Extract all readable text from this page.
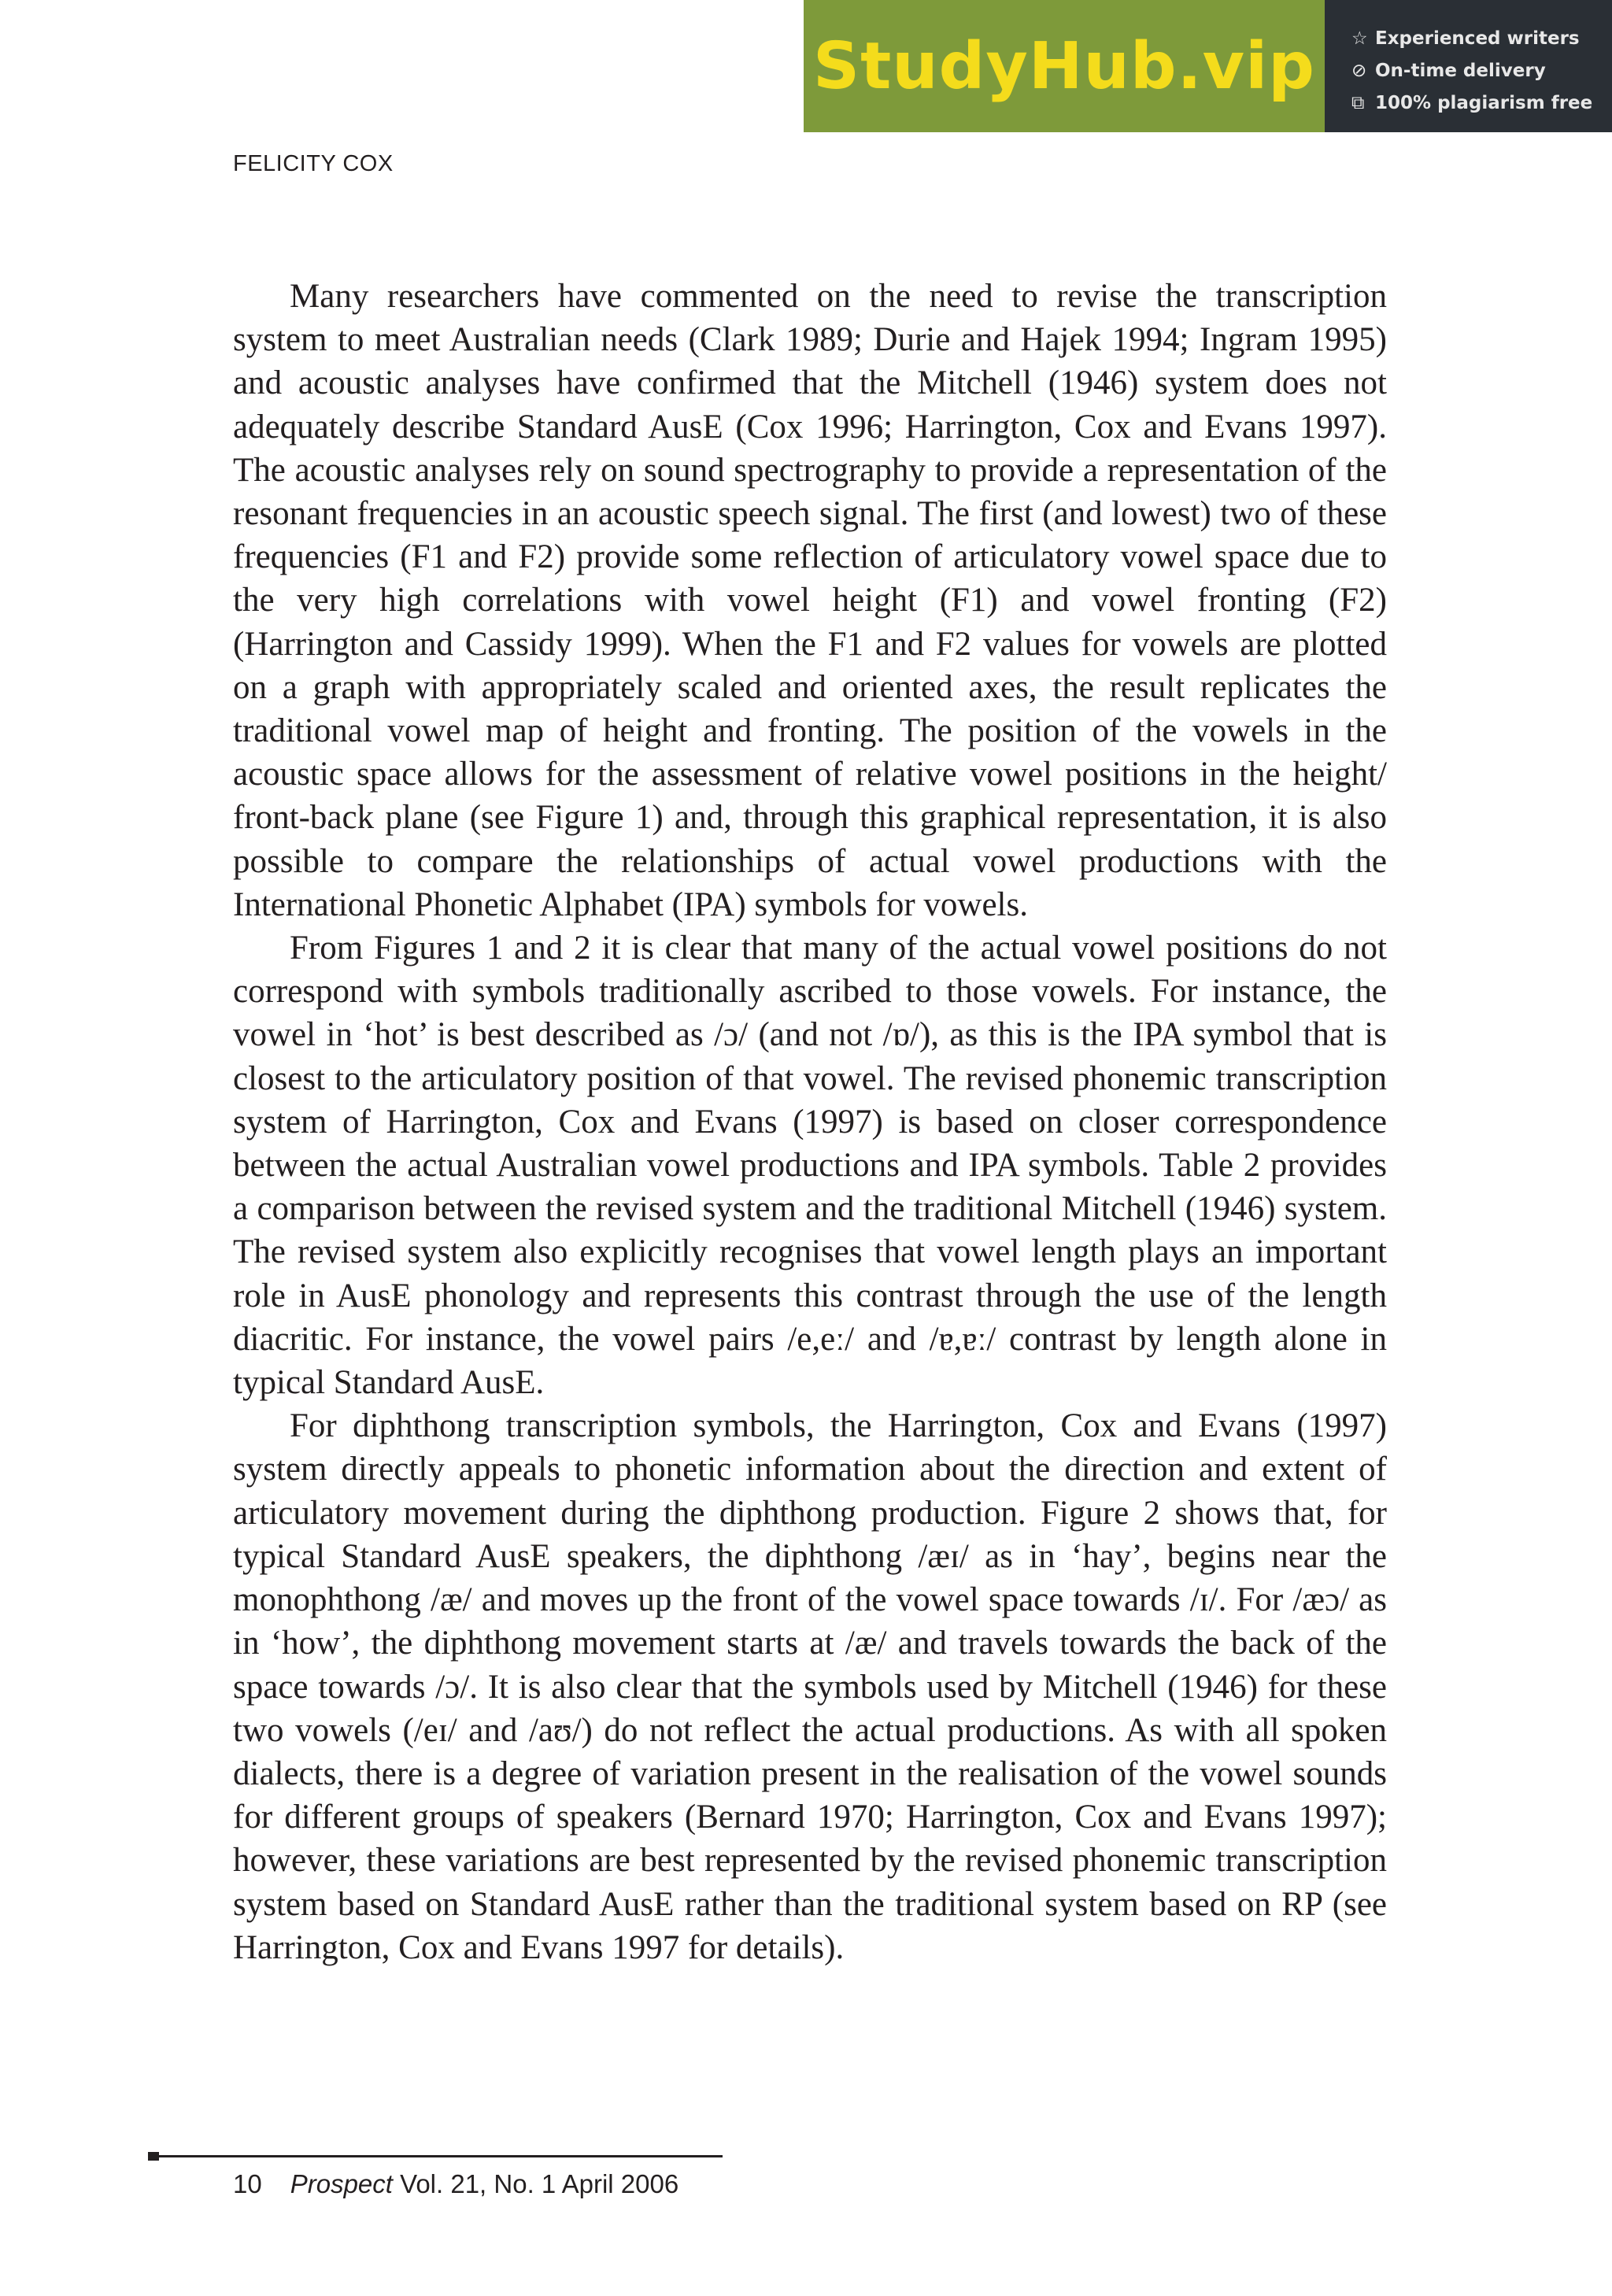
StudyHub.vip ☆ Experienced writers
⊘ On-time delivery
⧉ 100% plagiarism free
FELICITY COX

Many researchers have commented on the need to revise the transcription system to meet Australian needs (Clark 1989; Durie and Hajek 1994; Ingram 1995) and acoustic analyses have confirmed that the Mitchell (1946) system does not adequately describe Standard AusE (Cox 1996; Harrington, Cox and Evans 1997). The acoustic analyses rely on sound spectrography to provide a representation of the resonant frequencies in an acoustic speech signal. The first (and lowest) two of these frequencies (F1 and F2) provide some reflection of articulatory vowel space due to the very high correlations with vowel height (F1) and vowel fronting (F2) (Harrington and Cassidy 1999). When the F1 and F2 values for vowels are plotted on a graph with appropriately scaled and oriented axes, the result replicates the traditional vowel map of height and fronting. The position of the vowels in the acoustic space allows for the assessment of relative vowel positions in the height/ front-back plane (see Figure 1) and, through this graphical representation, it is also possible to compare the relationships of actual vowel productions with the International Phonetic Alphabet (IPA) symbols for vowels.

From Figures 1 and 2 it is clear that many of the actual vowel positions do not correspond with symbols traditionally ascribed to those vowels. For instance, the vowel in ‘hot’ is best described as /ɔ/ (and not /ɒ/), as this is the IPA symbol that is closest to the articulatory position of that vowel. The revised phonemic transcription system of Harrington, Cox and Evans (1997) is based on closer correspondence between the actual Australian vowel productions and IPA symbols. Table 2 provides a comparison between the revised system and the traditional Mitchell (1946) system. The revised system also explicitly recognises that vowel length plays an important role in AusE phonology and represents this contrast through the use of the length diacritic. For instance, the vowel pairs /e,eː/ and /ɐ,ɐː/ contrast by length alone in typical Standard AusE.

For diphthong transcription symbols, the Harrington, Cox and Evans (1997) system directly appeals to phonetic information about the direction and extent of articulatory movement during the diphthong production. Figure 2 shows that, for typical Standard AusE speakers, the diphthong /æɪ/ as in ‘hay’, begins near the monophthong /æ/ and moves up the front of the vowel space towards /ɪ/. For /æɔ/ as in ‘how’, the diphthong movement starts at /æ/ and travels towards the back of the space towards /ɔ/. It is also clear that the symbols used by Mitchell (1946) for these two vowels (/eɪ/ and /aʊ/) do not reflect the actual productions. As with all spoken dialects, there is a degree of variation present in the realisation of the vowel sounds for different groups of speakers (Bernard 1970; Harrington, Cox and Evans 1997); however, these variations are best represented by the revised phonemic transcription system based on Standard AusE rather than the traditional system based on RP (see Harrington, Cox and Evans 1997 for details).

10 Prospect Vol. 21, No. 1 April 2006
